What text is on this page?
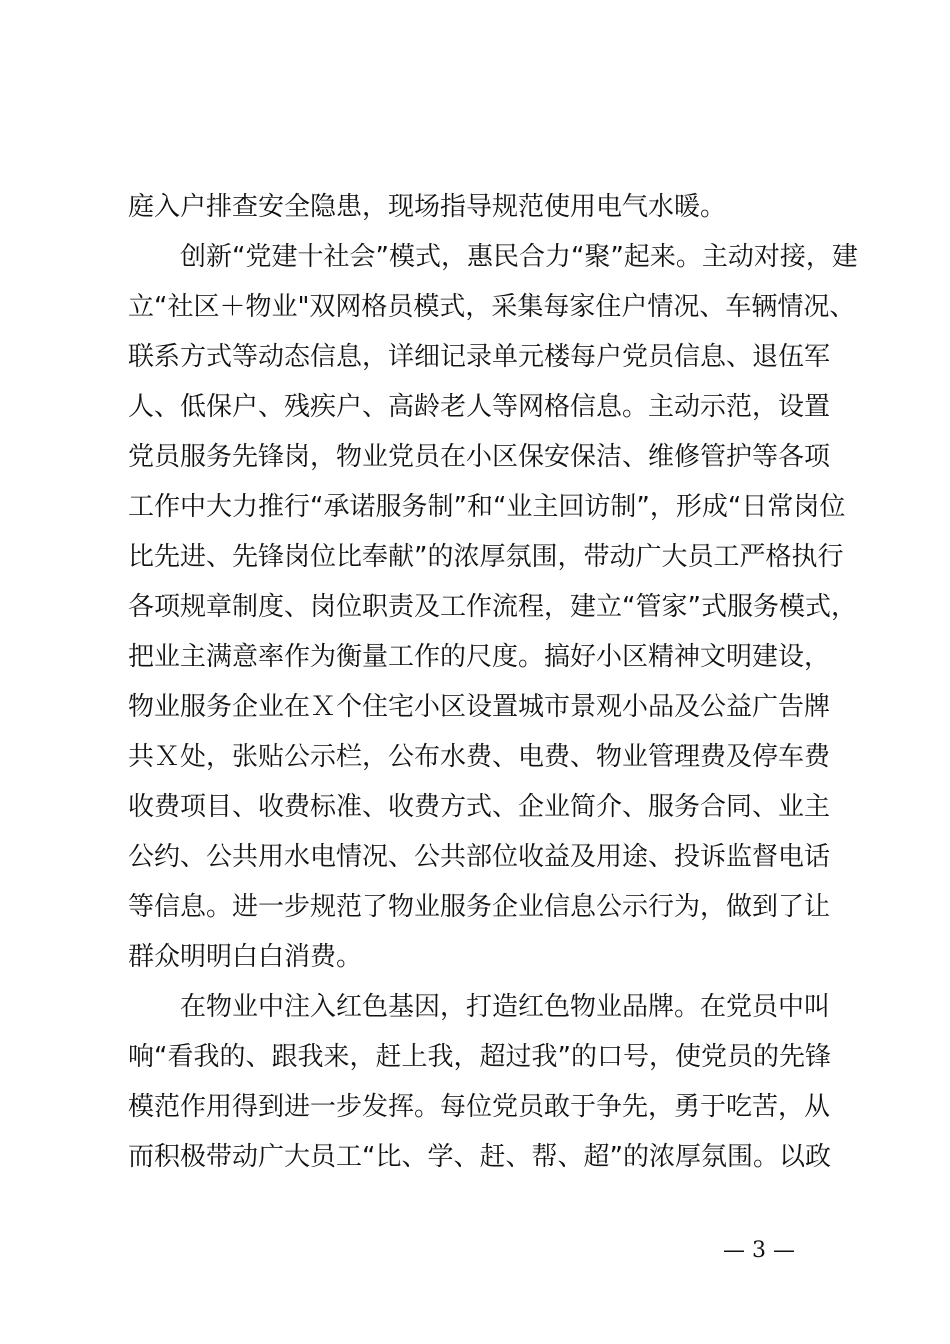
庭入户排查安全隐患，现场指导规范使用电气水暖。
创新“党建十社会”模式，惠民合力“聚”起来。主动对接，建
立“社区＋物业"双网格员模式，采集每家住户情况、车辆情况、
联系方式等动态信息，详细记录单元楼每户党员信息、退伍军
人、低保户、残疾户、高龄老人等网格信息。主动示范，设置
党员服务先锋岗，物业党员在小区保安保洁、维修管护等各项
工作中大力推行“承诺服务制”和“业主回访制”，形成“日常岗位
比先进、先锋岗位比奉献”的浓厚氛围，带动广大员工严格执行
各项规章制度、岗位职责及工作流程，建立“管家”式服务模式，
把业主满意率作为衡量工作的尺度。搞好小区精神文明建设，
物业服务企业在Ｘ个住宅小区设置城市景观小品及公益广告牌
共Ｘ处，张贴公示栏，公布水费、电费、物业管理费及停车费
收费项目、收费标准、收费方式、企业简介、服务合同、业主
公约、公共用水电情况、公共部位收益及用途、投诉监督电话
等信息。进一步规范了物业服务企业信息公示行为，做到了让
群众明明白白消费。
在物业中注入红色基因，打造红色物业品牌。在党员中叫
响“看我的、跟我来，赶上我，超过我”的口号，使党员的先锋
模范作用得到进一步发挥。每位党员敢于争先，勇于吃苦，从
而积极带动广大员工“比、学、赶、帮、超”的浓厚氛围。以政
— 3 —
